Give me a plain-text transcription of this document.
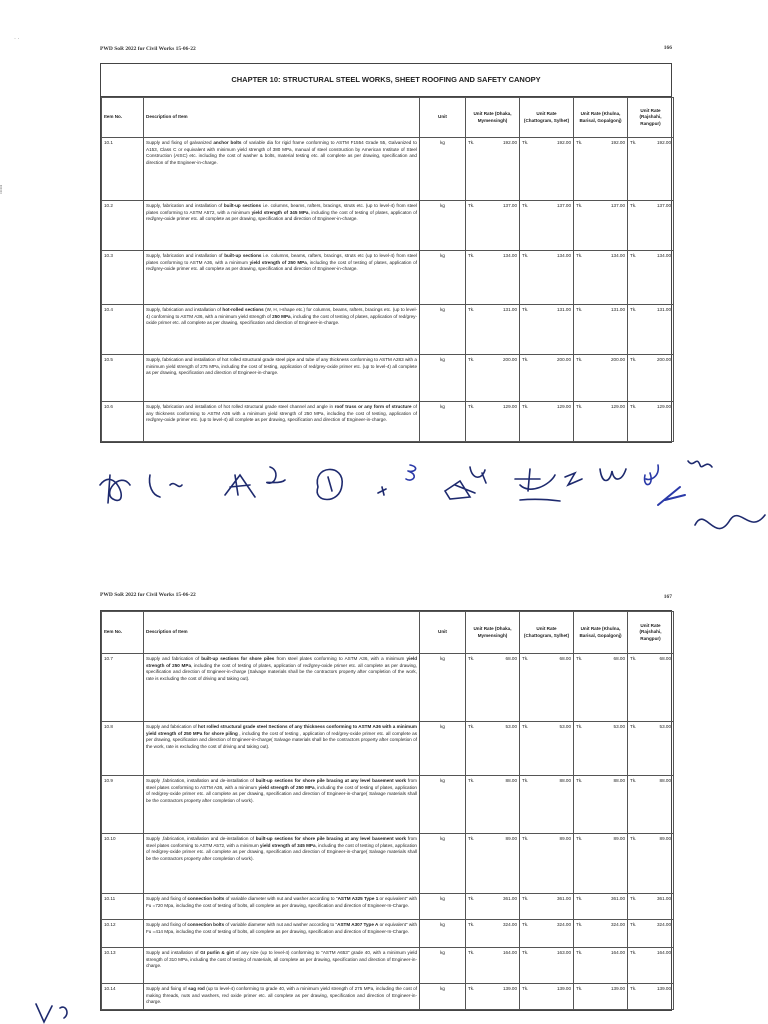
· ·
⸽
PWD SoR 2022 for Civil Works 15-06-22	166
CHAPTER 10: STRUCTURAL STEEL WORKS, SHEET ROOFING AND SAFETY CANOPY
Item No.	Description of Item	Unit	Unit Rate (Dhaka, Mymensingh)		Unit Rate (Chattogram, Sylhet)		Unit Rate (Khulna, Barisal, Gopalgonj)		Unit Rate (Rajshahi, Rangpur)	
10.1	Supply and fixing of galvanized anchor bolts of variable dia for rigid frame conforming to ASTM F1554 Grade 55, Galvanized to A153, Class C or equivalent with minimum yield strength of 380 MPa, manual of steel construction by American Institute of Steel Construction (AISC) etc. including the cost of washer & bolts, material testing etc. all complete as per drawing, specification and direction of the Engineer-in-charge.	kg	Tk.	192.00	Tk.	192.00	Tk.	192.00	Tk.	192.00
10.2	Supply, fabrication and installation of built-up sections i.e. columns, beams, rafters, bracings, struts etc. (up to level-4) from steel plates conforming to ASTM A572, with a minimum yield strength of 345 MPa, including the cost of testing of plates, applicaton of red/grey-oxide primer etc. all complete as per drawing, specification and direction of Engineer-in-charge.	kg	Tk.	137.00	Tk.	137.00	Tk.	137.00	Tk.	137.00
10.3	Supply, fabrication and installation of built-up sections i.e. columns, beams, rafters, bracings, struts etc (up to level-4) from steel plates conforming to ASTM A36, with a minimum yield strength of 250 MPa, including the cost of testing of plates, application of red/grey-oxide primer etc. all complete as per drawing, specification and direction of Engineer-in-charge.	kg	Tk.	134.00	Tk.	134.00	Tk.	134.00	Tk.	134.00
10.4	Supply, fabrication and installation of hot-rolled sections (W, H, I-shape etc.) for columns, beams, rafters, bracings etc. (up to level-4) conforming to ASTM A36, with a minimum yield strength of 250 MPa, including the cost of testing of plates, application of red/grey-oxide primer etc. all complete as per drawing, specification and direction of Engineer-in-charge.	kg	Tk.	131.00	Tk.	131.00	Tk.	131.00	Tk.	131.00
10.5	Supply, fabrication and installation of hot rolled structural grade steel pipe and tube of any thickness conforming to ASTM A283 with a minimum yield strength of 275 MPa, including the cost of testing, application of red/grey-oxide primer etc. (up to level-4) all complete as per drawing, specification and direction of Engineer-in-charge.	kg	Tk.	200.00	Tk.	200.00	Tk.	200.00	Tk.	200.00
10.6	Supply, fabrication and installation of hot rolled structural grade steel channel and angle in roof truss or any form of structure of any thickness conforming to ASTM A36 with a minimum yield strength of 250 MPa, including the cost of testing, application of red/grey-oxide primer etc. (up to level-4) all complete as per drawing, specification and direction of Engineer-in-charge.	kg	Tk.	129.00	Tk.	129.00	Tk.	129.00	Tk.	129.00
PWD SoR 2022 for Civil Works 15-06-22	167
Item No.	Description of Item	Unit	Unit Rate (Dhaka, Mymensingh)		Unit Rate (Chattogram, Sylhet)		Unit Rate (Khulna, Barisal, Gopalgonj)		Unit Rate (Rajshahi, Rangpur)	
10.7	Supply and fabrication of built-up sections for shore piles from steel plates conforming to ASTM A36, with a minimum yield strength of 250 MPa, including the cost of testing of plates, application of red/grey-oxide primer etc. all complete as per drawing, specification and direction of Engineer-in-charge (Salvage materials shall be the contractors property after completion of the work, rate is excluding the cost of driving and taking out).	kg	Tk.	68.00	Tk.	68.00	Tk.	68.00	Tk.	68.00
10.8	Supply and fabrication of hot rolled structural grade steel Sections of any thickness conforming to ASTM A36 with a minimum yield strength of 250 MPa for shore piling , including the cost of testing , application of red/grey-oxide primer etc. all complete as per drawing, specification and direction of Engineer-in-charge( Salvage materials shall be the contractors property after completion of the work, rate is excluding the cost of driving and taking out).	kg	Tk.	53.00	Tk.	53.00	Tk.	53.00	Tk.	53.00
10.9	Supply ,fabrication, installation and de-installation of built-up sections for shore pile bracing at any level basement work from steel plates conforming to ASTM A36, with a minimum yield strength of 250 MPa, including the cost of testing of plates, application of red/grey-oxide primer etc. all complete as per drawing, specification and direction of Engineer-in-charge( Salvage materials shall be the contractors property after completion of work).	kg	Tk.	88.00	Tk.	88.00	Tk.	88.00	Tk.	88.00
10.10	Supply ,fabrication, installation and de-installation of built-up sections for shore pile bracing at any level basement work from steel plates conforming to ASTM A572, with a minimum yield strength of 345 MPa, including the cost of testing of plates, application of red/grey-oxide primer etc. all complete as per drawing, specification and direction of Engineer-in-charge( Salvage materials shall be the contractors property after completion of work).	kg	Tk.	89.00	Tk.	89.00	Tk.	89.00	Tk.	89.00
10.11	Supply and fixing of connection bolts of variable diameter with nut and washer according to "ASTM A325 Type 1 or equivalent" with Fu =720 Mpa, including the cost of testing of bolts, all complete as per drawing, specification and direction of Engineer-In-Charge.	kg	Tk.	361.00	Tk.	361.00	Tk.	361.00	Tk.	361.00
10.12	Supply and fixing of connection bolts of variable diameter with nut and washer according to "ASTM A307 Type A or equivalent" with Fu =414 Mpa, including the cost of testing of bolts, all complete as per drawing, specification and direction of Engineer-In-Charge.	kg	Tk.	324.00	Tk.	324.00	Tk.	324.00	Tk.	324.00
10.13	Supply and installation of GI purlin & girt of any size (up to level-4) conforming to "ASTM A653" grade 40, with a minimum yield strength of 310 MPa, including the cost of testing of materials, all complete as per drawing, specification and direction of Engineer-in-charge.	kg	Tk.	164.00	Tk.	163.00	Tk.	164.00	Tk.	164.00
10.14	Supply and fixing of sag rod (up to level-4) conforming to grade 40, with a minimum yield strength of 275 MPa, including the cost of making threads, nuts and washers, red oxide primer etc. all complete as per drawing, specification and direction of Engineer-in-charge.	kg	Tk.	139.00	Tk.	139.00	Tk.	139.00	Tk.	139.00
